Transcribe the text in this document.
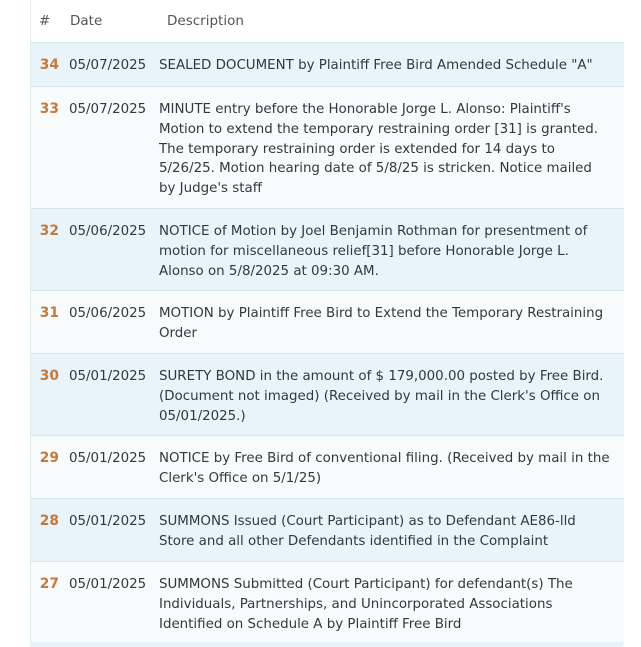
#	Date	Description
34 05/07/2025 SEALED DOCUMENT by Plaintiff Free Bird Amended Schedule "A"
33 05/07/2025 MINUTE entry before the Honorable Jorge L. Alonso: Plaintiff's Motion to extend the temporary restraining order [31] is granted. The temporary restraining order is extended for 14 days to 5/26/25. Motion hearing date of 5/8/25 is stricken. Notice mailed by Judge's staff
32 05/06/2025 NOTICE of Motion by Joel Benjamin Rothman for presentment of motion for miscellaneous relief[31] before Honorable Jorge L. Alonso on 5/8/2025 at 09:30 AM.
31 05/06/2025 MOTION by Plaintiff Free Bird to Extend the Temporary Restraining Order
30 05/01/2025 SURETY BOND in the amount of $ 179,000.00 posted by Free Bird. (Document not imaged) (Received by mail in the Clerk's Office on 05/01/2025.)
29 05/01/2025 NOTICE by Free Bird of conventional filing. (Received by mail in the Clerk's Office on 5/1/25)
28 05/01/2025 SUMMONS Issued (Court Participant) as to Defendant AE86-lld Store and all other Defendants identified in the Complaint
27 05/01/2025 SUMMONS Submitted (Court Participant) for defendant(s) The Individuals, Partnerships, and Unincorporated Associations Identified on Schedule A by Plaintiff Free Bird
